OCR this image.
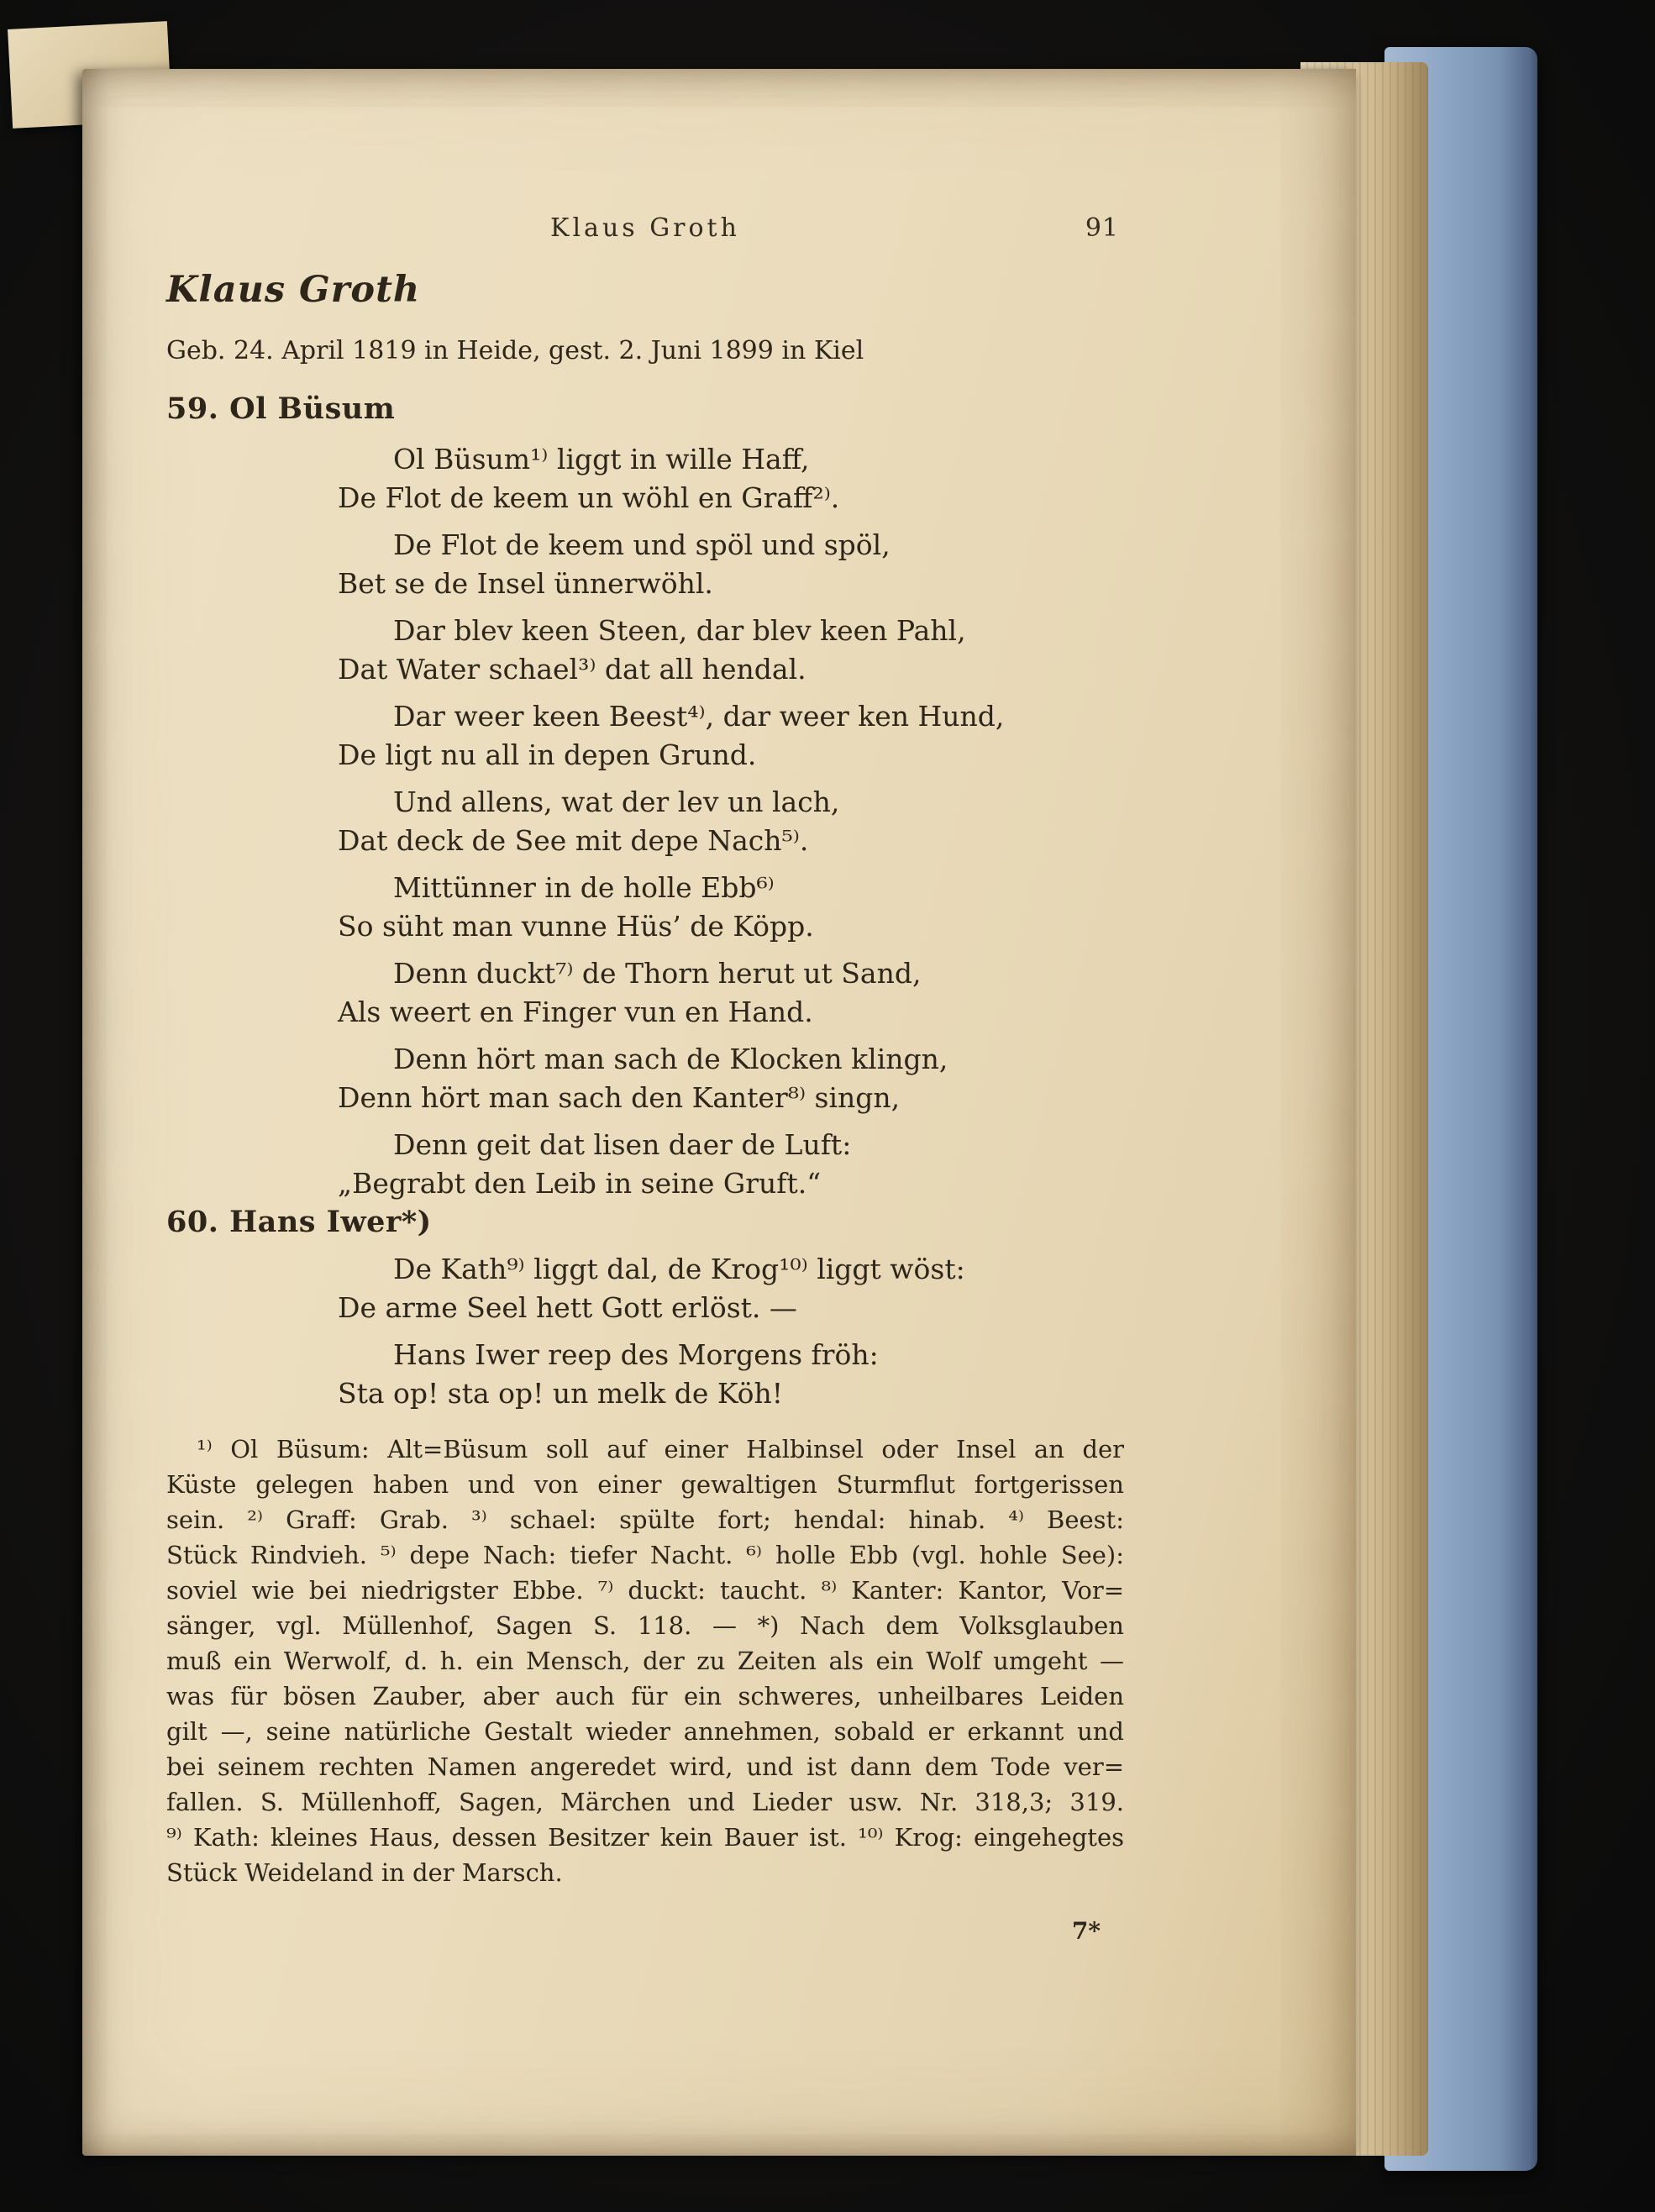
Klaus Groth	91
Klaus Groth
Geb. 24. April 1819 in Heide, gest. 2. Juni 1899 in Kiel
59. Ol Büsum

Ol Büsum¹⁾ liggt in wille Haff,

De Flot de keem un wöhl en Graff²⁾.

De Flot de keem und spöl und spöl,

Bet se de Insel ünnerwöhl.

Dar blev keen Steen, dar blev keen Pahl,

Dat Water schael³⁾ dat all hendal.

Dar weer keen Beest⁴⁾, dar weer ken Hund,

De ligt nu all in depen Grund.

Und allens, wat der lev un lach,

Dat deck de See mit depe Nach⁵⁾.

Mittünner in de holle Ebb⁶⁾

So süht man vunne Hüs’ de Köpp.

Denn duckt⁷⁾ de Thorn herut ut Sand,

Als weert en Finger vun en Hand.

Denn hört man sach de Klocken klingn,

Denn hört man sach den Kanter⁸⁾ singn,

Denn geit dat lisen daer de Luft:

„Begrabt den Leib in seine Gruft.“

60. Hans Iwer*)

De Kath⁹⁾ liggt dal, de Krog¹⁰⁾ liggt wöst:

De arme Seel hett Gott erlöst. —

Hans Iwer reep des Morgens fröh:

Sta op! sta op! un melk de Köh!

¹⁾ Ol Büsum: Alt=Büsum soll auf einer Halbinsel oder Insel an der
Küste gelegen haben und von einer gewaltigen Sturmflut fortgerissen
sein. ²⁾ Graff: Grab. ³⁾ schael: spülte fort; hendal: hinab. ⁴⁾ Beest:
Stück Rindvieh. ⁵⁾ depe Nach: tiefer Nacht. ⁶⁾ holle Ebb (vgl. hohle See):
soviel wie bei niedrigster Ebbe. ⁷⁾ duckt: taucht. ⁸⁾ Kanter: Kantor, Vor=
sänger, vgl. Müllenhof, Sagen S. 118. — *) Nach dem Volksglauben
muß ein Werwolf, d. h. ein Mensch, der zu Zeiten als ein Wolf umgeht —
was für bösen Zauber, aber auch für ein schweres, unheilbares Leiden
gilt —, seine natürliche Gestalt wieder annehmen, sobald er erkannt und
bei seinem rechten Namen angeredet wird, und ist dann dem Tode ver=
fallen. S. Müllenhoff, Sagen, Märchen und Lieder usw. Nr. 318,3; 319.
⁹⁾ Kath: kleines Haus, dessen Besitzer kein Bauer ist. ¹⁰⁾ Krog: eingehegtes
Stück Weideland in der Marsch.
7*
